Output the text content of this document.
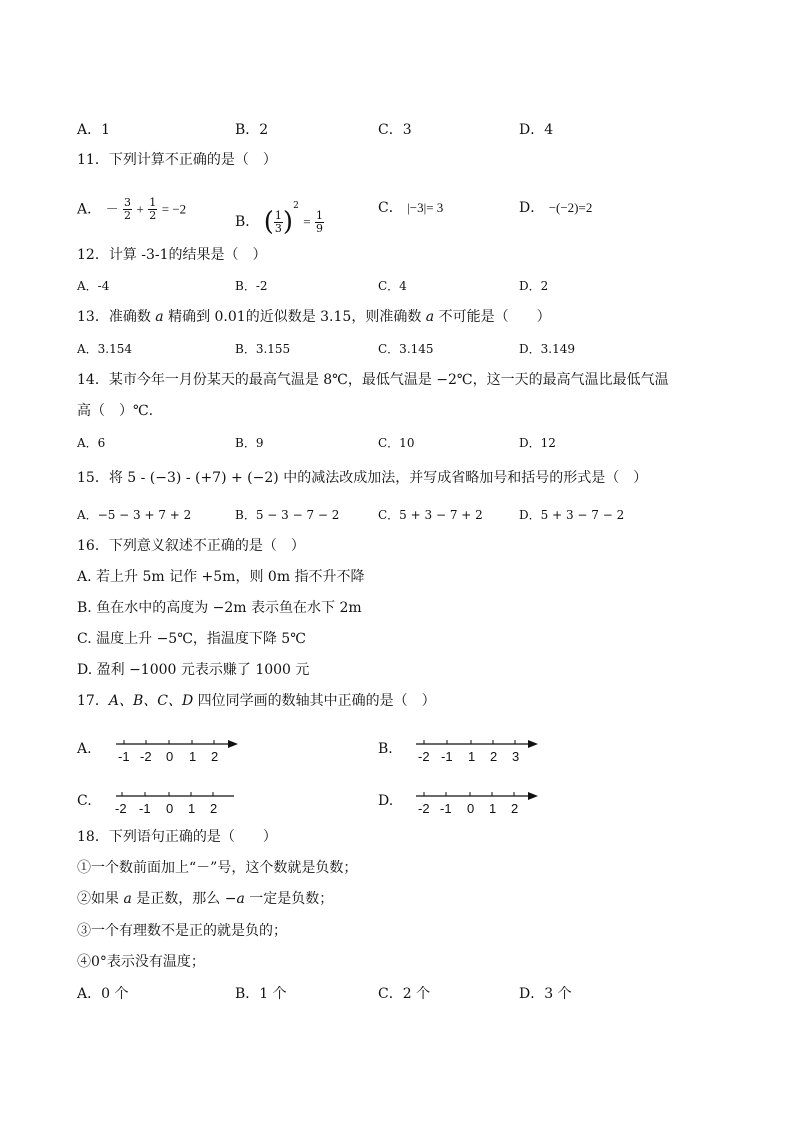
A．1	B．2	C．3	D．4
11．下列计算不正确的是（　）
A． － $\frac{3}{2} + \frac{1}{2} = -2$
B． ( $\frac{1}{3} )^2 = \frac{1}{9}$
C． |−3|= 3	D． −(−2)=2
12．计算 -3-1的结果是（　）
A．-4	B．-2	C．4	D．2
13．准确数 a 精确到 0.01的近似数是 3.15，则准确数 a 不可能是（　　）
A．3.154	B．3.155	C．3.145	D．3.149
14．某市今年一月份某天的最高气温是 8℃，最低气温是 −2℃，这一天的最高气温比最低气温
高（　）℃.
A．6	B．9	C．10	D．12
15．将 5 - (−3) - (+7) + (−2) 中的减法改成加法，并写成省略加号和括号的形式是（　）
A．−5 − 3 + 7 + 2	B．5 − 3 − 7 − 2	C．5 + 3 − 7 + 2	D．5 + 3 − 7 − 2
16．下列意义叙述不正确的是（　）
A. 若上升 5m 记作 +5m，则 0m 指不升不降
B. 鱼在水中的高度为 −2m 表示鱼在水下 2m
C. 温度上升 −5℃，指温度下降 5℃
D. 盈利 −1000 元表示赚了 1000 元
17．A、B、C、D 四位同学画的数轴其中正确的是（　）
A.	B.
C.	D.
-1 -2 0 1 2	-2 -1 1 2 3
-2 -1 0 1 2	-2 -1 0 1 2
18．下列语句正确的是（　　）
①一个数前面加上“－”号，这个数就是负数；
②如果 a 是正数，那么 −a 一定是负数；
③一个有理数不是正的就是负的；
④0°表示没有温度；
A．0 个	B．1 个	C．2 个	D．3 个
